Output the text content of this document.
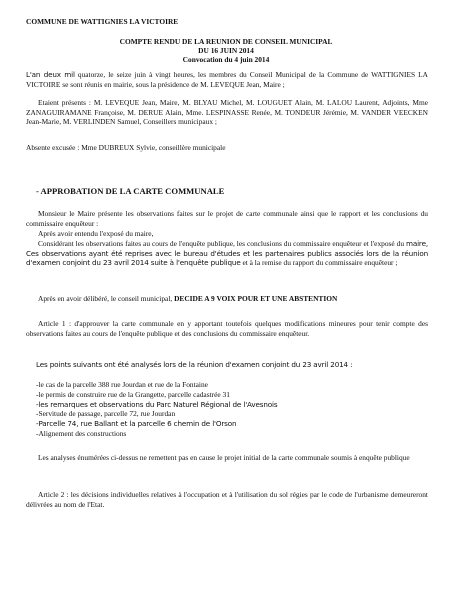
COMMUNE DE WATTIGNIES LA VICTOIRE

COMPTE RENDU DE LA REUNION DE CONSEIL MUNICIPAL

DU 16 JUIN 2014

Convocation du 4 juin 2014

L'an deux mil quatorze, le seize juin à vingt heures, les membres du Conseil Municipal de la Commune de WATTIGNIES LA VICTOIRE se sont réunis en mairie, sous la présidence de M. LEVEQUE Jean, Maire ;

Etaient présents : M. LEVEQUE Jean, Maire, M. BLYAU Michel, M. LOUGUET Alain, M. LALOU Laurent, Adjoints, Mme ZANAGUIRAMANE Françoise, M. DERUE Alain, Mme. LESPINASSE Renée, M. TONDEUR Jérémie, M. VANDER VEECKEN Jean-Marie, M. VERLINDEN Samuel, Conseillers municipaux ;

Absente excusée : Mme DUBREUX Sylvie, conseillère municipale

- APPROBATION DE LA CARTE COMMUNALE

Monsieur le Maire présente les observations faites sur le projet de carte communale ainsi que le rapport et les conclusions du commissaire enquêteur :

Après avoir entendu l'exposé du maire,

Considérant les observations faites au cours de l'enquête publique, les conclusions du commissaire enquêteur et l'exposé du maire, Ces observations ayant été reprises avec le bureau d'études et les partenaires publics associés lors de la réunion d'examen conjoint du 23 avril 2014 suite à l'enquête publique et à la remise du rapport du commissaire enquêteur ;

Après en avoir délibéré, le conseil municipal, DECIDE A 9 VOIX POUR ET UNE ABSTENTION

Article 1 : d'approuver la carte communale en y apportant toutefois quelques modifications mineures pour tenir compte des observations faites au cours de l'enquête publique et des conclusions du commissaire enquêteur.

Les points suivants ont été analysés lors de la réunion d'examen conjoint du 23 avril 2014 :

-le cas de la parcelle 388 rue Jourdan et rue de la Fontaine
-le permis de construire rue de la Grangette, parcelle cadastrée 31
-les remarques et observations du Parc Naturel Régional de l'Avesnois
-Servitude de passage, parcelle 72, rue Jourdan
-Parcelle 74, rue Ballant et la parcelle 6 chemin de l'Orson
-Alignement des constructions

Les analyses énumérées ci-dessus ne remettent pas en cause le projet initial de la carte communale soumis à enquête publique

Article 2 : les décisions individuelles relatives à l'occupation et à l'utilisation du sol régies par le code de l'urbanisme demeureront délivrées au nom de l'Etat.
